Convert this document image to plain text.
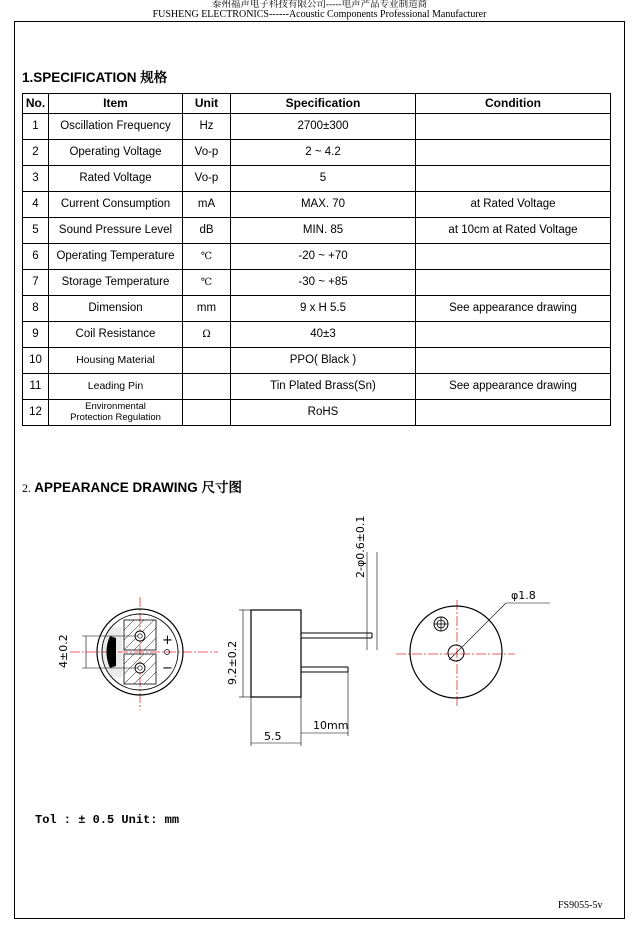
泰州福声电子科技有限公司-----电声产品专业制造商
FUSHENG ELECTRONICS------Acoustic Components Professional Manufacturer
1.SPECIFICATION 规格
No.	Item	Unit	Specification	Condition
1	Oscillation Frequency	Hz	2700±300	
2	Operating Voltage	Vo-p	2 ~ 4.2	
3	Rated Voltage	Vo-p	5	
4	Current Consumption	mA	MAX. 70	at Rated Voltage
5	Sound Pressure Level	dB	MIN. 85	at 10cm at Rated Voltage
6	Operating Temperature	℃	-20 ~ +70	
7	Storage Temperature	℃	-30 ~ +85	
8	Dimension	mm	9 x H 5.5	See appearance drawing
9	Coil Resistance	Ω	40±3	
10	Housing Material		PPO( Black )	
11	Leading Pin		Tin Plated Brass(Sn)	See appearance drawing
12	Environmental
Protection Regulation		RoHS	
2. APPEARANCE DRAWING 尺寸图
+
−
4±0.2	9.2±0.2
5.5
10mm
2-φ0.6±0.1
φ1.8
Tol : ± 0.5 Unit: mm
FS9055-5v
